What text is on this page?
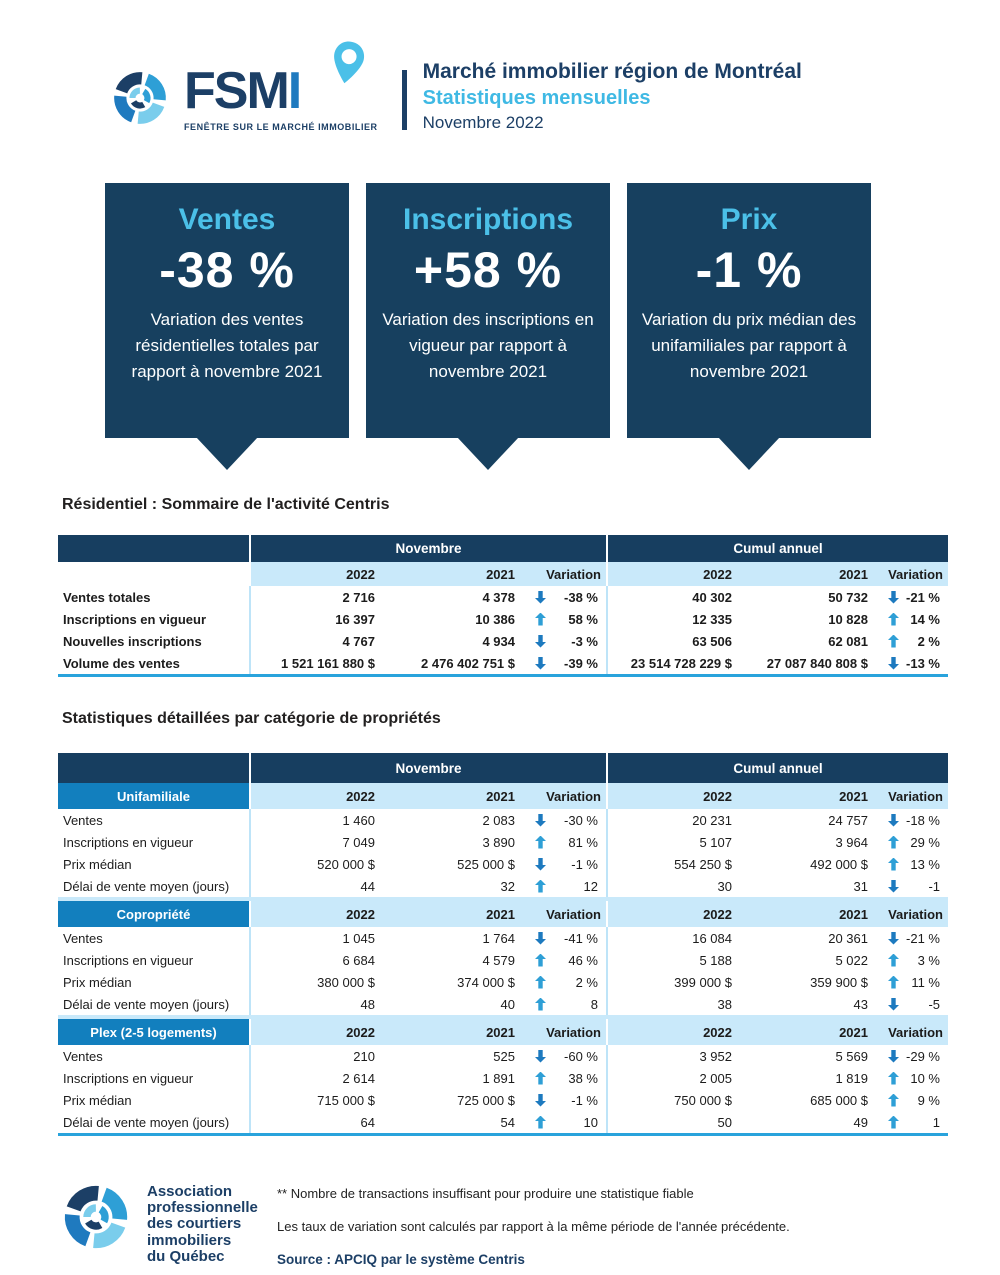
FSMI
FENÊTRE SUR LE MARCHÉ IMMOBILIER
Marché immobilier région de Montréal
Statistiques mensuelles
Novembre 2022
Ventes
-38 %
Variation des ventes résidentielles totales par rapport à novembre 2021
Inscriptions
+58 %
Variation des inscriptions en vigueur par rapport à novembre 2021
Prix
-1 %
Variation du prix médian des unifamiliales par rapport à novembre 2021
Résidentiel : Sommaire de l'activité Centris
Novembre	Cumul annuel
2022	2021	Variation	2022	2021	Variation
Ventes totales	2 716	4 378	-38 %	40 302	50 732	-21 %
Inscriptions en vigueur	16 397	10 386	58 %	12 335	10 828	14 %
Nouvelles inscriptions	4 767	4 934	-3 %	63 506	62 081	2 %
Volume des ventes	1 521 161 880 $	2 476 402 751 $	-39 %	23 514 728 229 $	27 087 840 808 $	-13 %
Statistiques détaillées par catégorie de propriétés
Novembre	Cumul annuel
Unifamiliale	2022	2021	Variation	2022	2021	Variation
Ventes	1 460	2 083	-30 %	20 231	24 757	-18 %
Inscriptions en vigueur	7 049	3 890	81 %	5 107	3 964	29 %
Prix médian	520 000 $	525 000 $	-1 %	554 250 $	492 000 $	13 %
Délai de vente moyen (jours)	44	32	12	30	31	-1
Copropriété	2022	2021	Variation	2022	2021	Variation
Ventes	1 045	1 764	-41 %	16 084	20 361	-21 %
Inscriptions en vigueur	6 684	4 579	46 %	5 188	5 022	3 %
Prix médian	380 000 $	374 000 $	2 %	399 000 $	359 900 $	11 %
Délai de vente moyen (jours)	48	40	8	38	43	-5
Plex (2-5 logements)	2022	2021	Variation	2022	2021	Variation
Ventes	210	525	-60 %	3 952	5 569	-29 %
Inscriptions en vigueur	2 614	1 891	38 %	2 005	1 819	10 %
Prix médian	715 000 $	725 000 $	-1 %	750 000 $	685 000 $	9 %
Délai de vente moyen (jours)	64	54	10	50	49	1
Association
professionnelle
des courtiers
immobiliers
du Québec
** Nombre de transactions insuffisant pour produire une statistique fiable
Les taux de variation sont calculés par rapport à la même période de l'année précédente.
Source : APCIQ par le système Centris
